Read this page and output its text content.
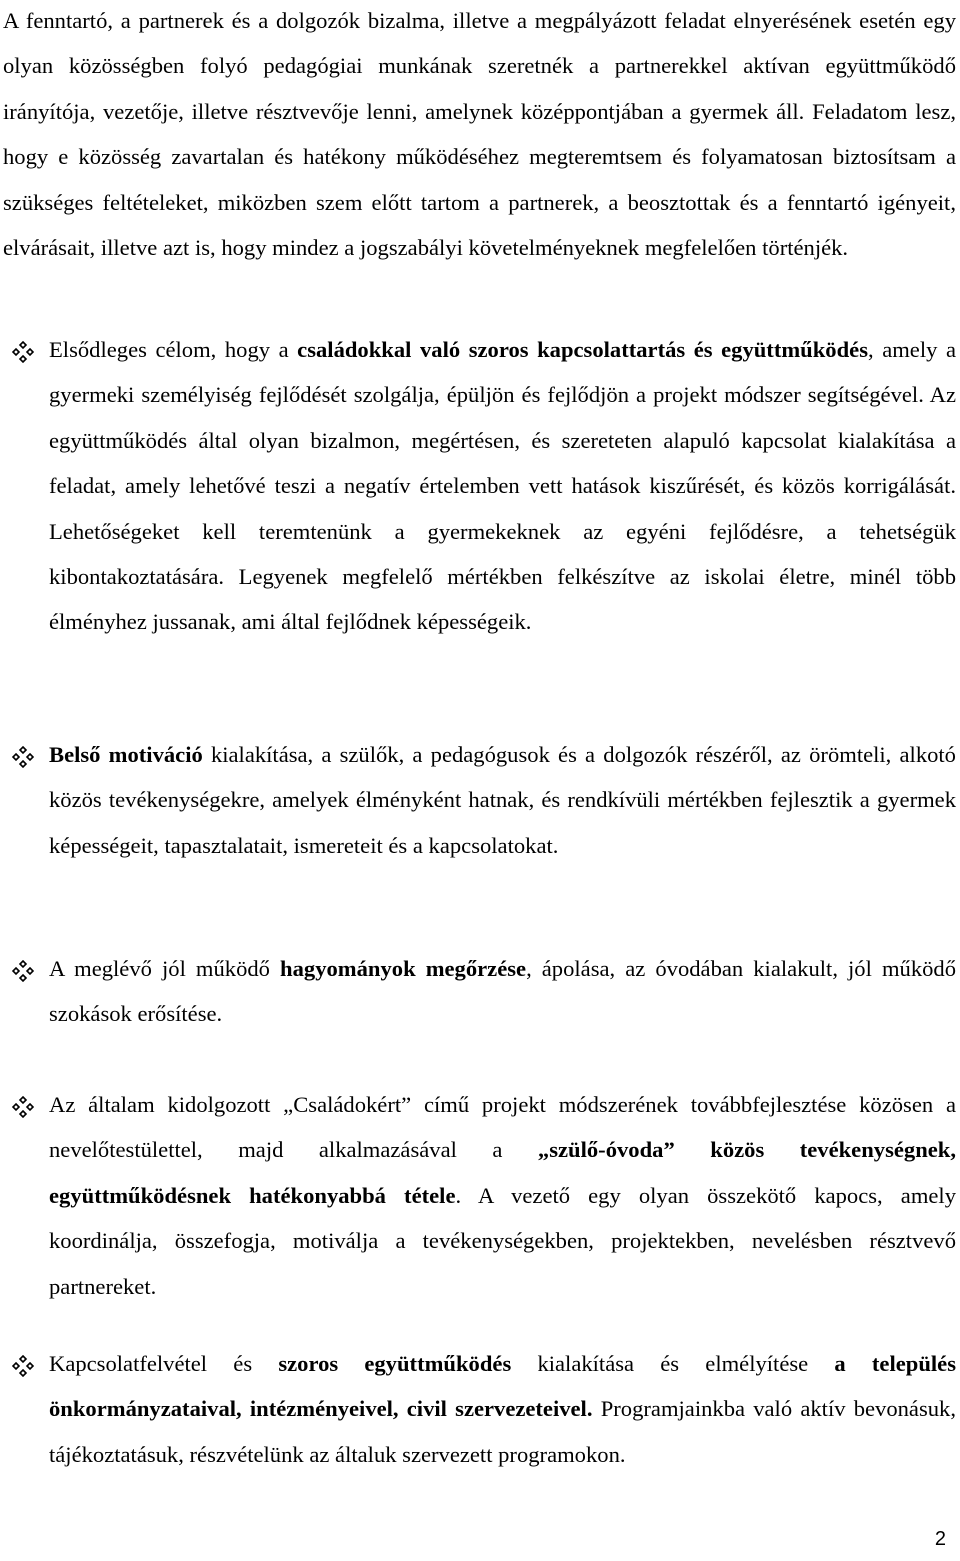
A fenntartó, a partnerek és a dolgozók bizalma, illetve a megpályázott feladat elnyerésének esetén egy olyan közösségben folyó pedagógiai munkának szeretnék a partnerekkel aktívan együttműködő irányítója, vezetője, illetve résztvevője lenni, amelynek középpontjában a gyermek áll. Feladatom lesz, hogy e közösség zavartalan és hatékony működéséhez megteremtsem és folyamatosan biztosítsam a szükséges feltételeket, miközben szem előtt tartom a partnerek, a beosztottak és a fenntartó igényeit, elvárásait, illetve azt is, hogy mindez a jogszabályi követelményeknek megfelelően történjék.

Elsődleges célom, hogy a családokkal való szoros kapcsolattartás és együttműködés, amely a gyermeki személyiség fejlődését szolgálja, épüljön és fejlődjön a projekt módszer segítségével. Az együttműködés által olyan bizalmon, megértésen, és szereteten alapuló kapcsolat kialakítása a feladat, amely lehetővé teszi a negatív értelemben vett hatások kiszűrését, és közös korrigálását. Lehetőségeket kell teremtenünk a gyermekeknek az egyéni fejlődésre, a tehetségük kibontakoztatására. Legyenek megfelelő mértékben felkészítve az iskolai életre, minél több élményhez jussanak, ami által fejlődnek képességeik.

Belső motiváció kialakítása, a szülők, a pedagógusok és a dolgozók részéről, az örömteli, alkotó közös tevékenységekre, amelyek élményként hatnak, és rendkívüli mértékben fejlesztik a gyermek képességeit, tapasztalatait, ismereteit és a kapcsolatokat.

A meglévő jól működő hagyományok megőrzése, ápolása, az óvodában kialakult, jól működő szokások erősítése.

Az általam kidolgozott „Családokért” című projekt módszerének továbbfejlesztése közösen a nevelőtestülettel, majd alkalmazásával a „szülő-óvoda” közös tevékenységnek, együttműködésnek hatékonyabbá tétele. A vezető egy olyan összekötő kapocs, amely koordinálja, összefogja, motiválja a tevékenységekben, projektekben, nevelésben résztvevő partnereket.

Kapcsolatfelvétel és szoros együttműködés kialakítása és elmélyítése a település önkormányzataival, intézményeivel, civil szervezeteivel. Programjainkba való aktív bevonásuk, tájékoztatásuk, részvételünk az általuk szervezett programokon.

2
